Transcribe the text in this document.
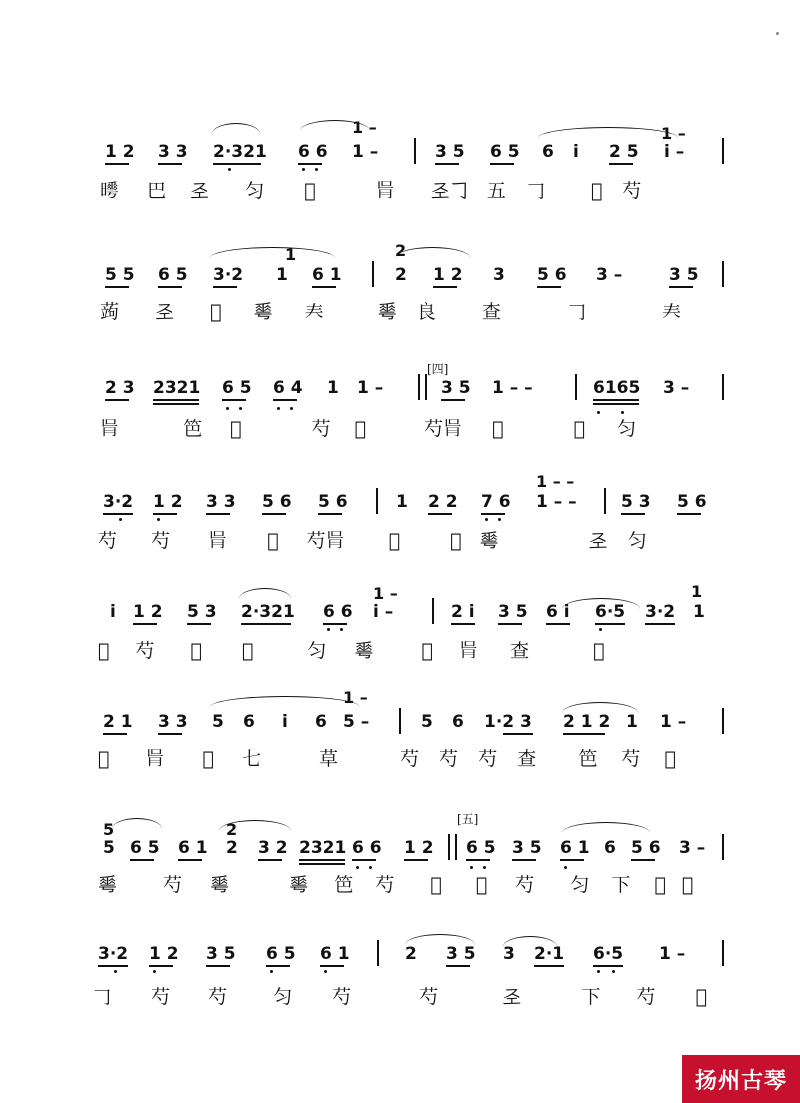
1 –	1 –
1 2 3 3 2·321 6 6 1 –	3 5 6 5 6 i 2 5 i –
𣋌 巴 𢀖 匀 𢀳	𦙃 𢀖𠃌 五 𠃌 𢀳 芍
1	2
5 5 6 5 3·2 1 6 1	2 1 2 3 5 6 3 –	3 5
蒟 𢀖 𤕫 𠌶 𡗗	𠌶 良 查	𠃌	𡗗
[四]
2 3 2321 6 5 6 4 1 1 –	3 5 1 – –	6165 3 –
𦙃	笆 𤕫	芍 𢀳	芍𦙃 𢀳	𢀳 匀
1 – –
3·2 1 2 3 3 5 6 5 6	1 2 2 7 6 1 – –	5 3 5 6
芍 芍 𦙃 𤕫 芍𦙃 𢀳	𢀳 𠌶	𢀖 匀
1 –	1
i 1 2 5 3 2·321 6 6 i –	2 i 3 5 6 i 6·5 3·2 1
𢀳 芍 𢀳 𤕫	匀 𠌶	𢀳 𦙃 查	𤕫
1 –
2 1 3 3 5 6 i 6 5 –	5 6 1·2 3 2 1 2 1 1 –
𢀳 𦙃 𢀳 七	草	芍 芍 芍 查 笆 芍 𢀳
[五]
5	2
5 6 5 6 1 2 3 2 2321 6 6 1 2 6 5 3 5 6 1 6 5 6 3 –
𠌶 芍 𠌶	𠌶 笆 芍 𢀳 𢀳 芍 匀 下 𢀳 𢀳
3·2 1 2 3 5 6 5 6 1	2 3 5 3 2·1 6·5 1 –
𠃌 芍 芍 匀 芍	芍	𢀖	下 芍 𢀳
扬州古琴
